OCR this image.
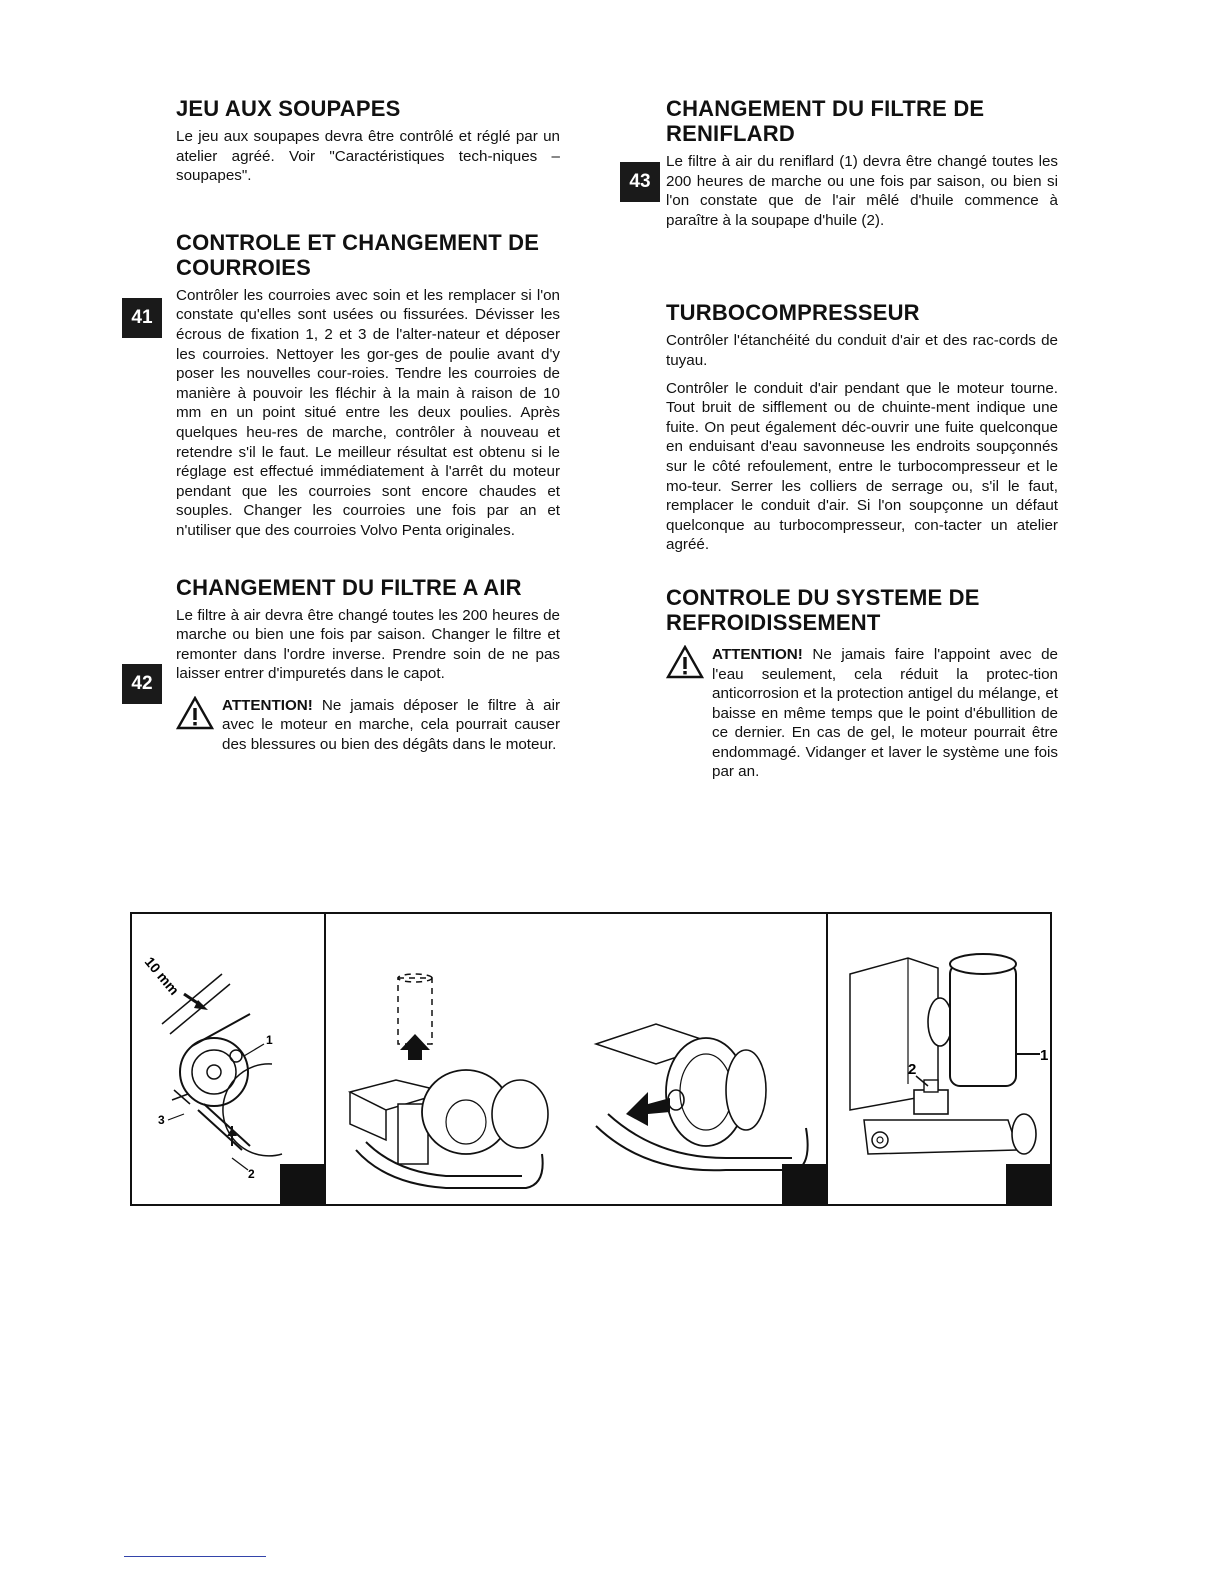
JEU AUX SOUPAPES

Le jeu aux soupapes devra être contrôlé et réglé par un atelier agréé. Voir "Caractéristiques tech-niques – soupapes".

CONTROLE ET CHANGEMENT DE COURROIES

Contrôler les courroies avec soin et les remplacer si l'on constate qu'elles sont usées ou fissurées. Dévisser les écrous de fixation 1, 2 et 3 de l'alter-nateur et déposer les courroies. Nettoyer les gor-ges de poulie avant d'y poser les nouvelles cour-roies. Tendre les courroies de manière à pouvoir les fléchir à la main à raison de 10 mm en un point situé entre les deux poulies. Après quelques heu-res de marche, contrôler à nouveau et retendre s'il le faut. Le meilleur résultat est obtenu si le réglage est effectué immédiatement à l'arrêt du moteur pendant que les courroies sont encore chaudes et souples. Changer les courroies une fois par an et n'utiliser que des courroies Volvo Penta originales.

CHANGEMENT DU FILTRE A AIR

Le filtre à air devra être changé toutes les 200 heures de marche ou bien une fois par saison. Changer le filtre et remonter dans l'ordre inverse. Prendre soin de ne pas laisser entrer d'impuretés dans le capot.

ATTENTION! Ne jamais déposer le filtre à air avec le moteur en marche, cela pourrait causer des blessures ou bien des dégâts dans le moteur.
41
42
43
CHANGEMENT DU FILTRE DE RENIFLARD

Le filtre à air du reniflard (1) devra être changé toutes les 200 heures de marche ou une fois par saison, ou bien si l'on constate que de l'air mêlé d'huile commence à paraître à la soupape d'huile (2).

TURBOCOMPRESSEUR

Contrôler l'étanchéité du conduit d'air et des rac-cords de tuyau.

Contrôler le conduit d'air pendant que le moteur tourne. Tout bruit de sifflement ou de chuinte-ment indique une fuite. On peut également déc-ouvrir une fuite quelconque en enduisant d'eau savonneuse les endroits soupçonnés sur le côté refoulement, entre le turbocompresseur et le mo-teur. Serrer les colliers de serrage ou, s'il le faut, remplacer le conduit d'air. Si l'on soupçonne un défaut quelconque au turbocompresseur, con-tacter un atelier agréé.

CONTROLE DU SYSTEME DE REFROIDISSEMENT
ATTENTION! Ne jamais faire l'appoint avec de l'eau seulement, cela réduit la protec-tion anticorrosion et la protection antigel du mélange, et baisse en même temps que le point d'ébullition de ce dernier. En cas de gel, le moteur pourrait être endommagé. Vidanger et laver le système une fois par an.
10 mm
1
2
3
1
2
